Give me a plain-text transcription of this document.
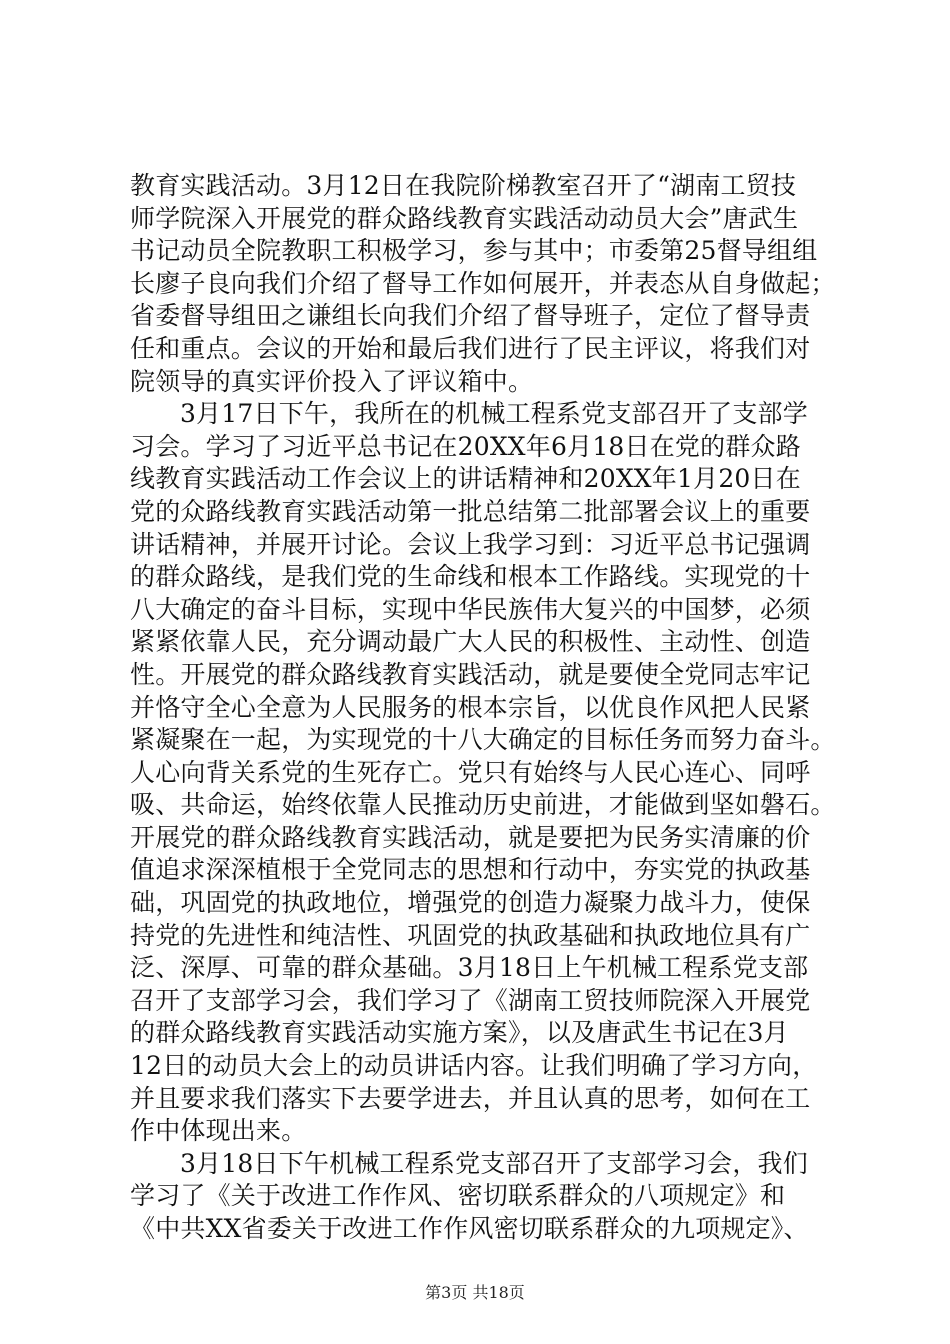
教育实践活动。3月12日在我院阶梯教室召开了“湖南工贸技
师学院深入开展党的群众路线教育实践活动动员大会”唐武生
书记动员全院教职工积极学习，参与其中；市委第25督导组组
长廖子良向我们介绍了督导工作如何展开，并表态从自身做起；
省委督导组田之谦组长向我们介绍了督导班子，定位了督导责
任和重点。会议的开始和最后我们进行了民主评议，将我们对
院领导的真实评价投入了评议箱中。
3月17日下午，我所在的机械工程系党支部召开了支部学
习会。学习了习近平总书记在20XX年6月18日在党的群众路
线教育实践活动工作会议上的讲话精神和20XX年1月20日在
党的众路线教育实践活动第一批总结第二批部署会议上的重要
讲话精神，并展开讨论。会议上我学习到：习近平总书记强调
的群众路线，是我们党的生命线和根本工作路线。实现党的十
八大确定的奋斗目标，实现中华民族伟大复兴的中国梦，必须
紧紧依靠人民，充分调动最广大人民的积极性、主动性、创造
性。开展党的群众路线教育实践活动，就是要使全党同志牢记
并恪守全心全意为人民服务的根本宗旨，以优良作风把人民紧
紧凝聚在一起，为实现党的十八大确定的目标任务而努力奋斗。
人心向背关系党的生死存亡。党只有始终与人民心连心、同呼
吸、共命运，始终依靠人民推动历史前进，才能做到坚如磐石。
开展党的群众路线教育实践活动，就是要把为民务实清廉的价
值追求深深植根于全党同志的思想和行动中，夯实党的执政基
础，巩固党的执政地位，增强党的创造力凝聚力战斗力，使保
持党的先进性和纯洁性、巩固党的执政基础和执政地位具有广
泛、深厚、可靠的群众基础。3月18日上午机械工程系党支部
召开了支部学习会，我们学习了《湖南工贸技师院深入开展党
的群众路线教育实践活动实施方案》，以及唐武生书记在3月
12日的动员大会上的动员讲话内容。让我们明确了学习方向，
并且要求我们落实下去要学进去，并且认真的思考，如何在工
作中体现出来。
3月18日下午机械工程系党支部召开了支部学习会，我们
学习了《关于改进工作作风、密切联系群众的八项规定》和
《中共XX省委关于改进工作作风密切联系群众的九项规定》、
第3页 共18页
